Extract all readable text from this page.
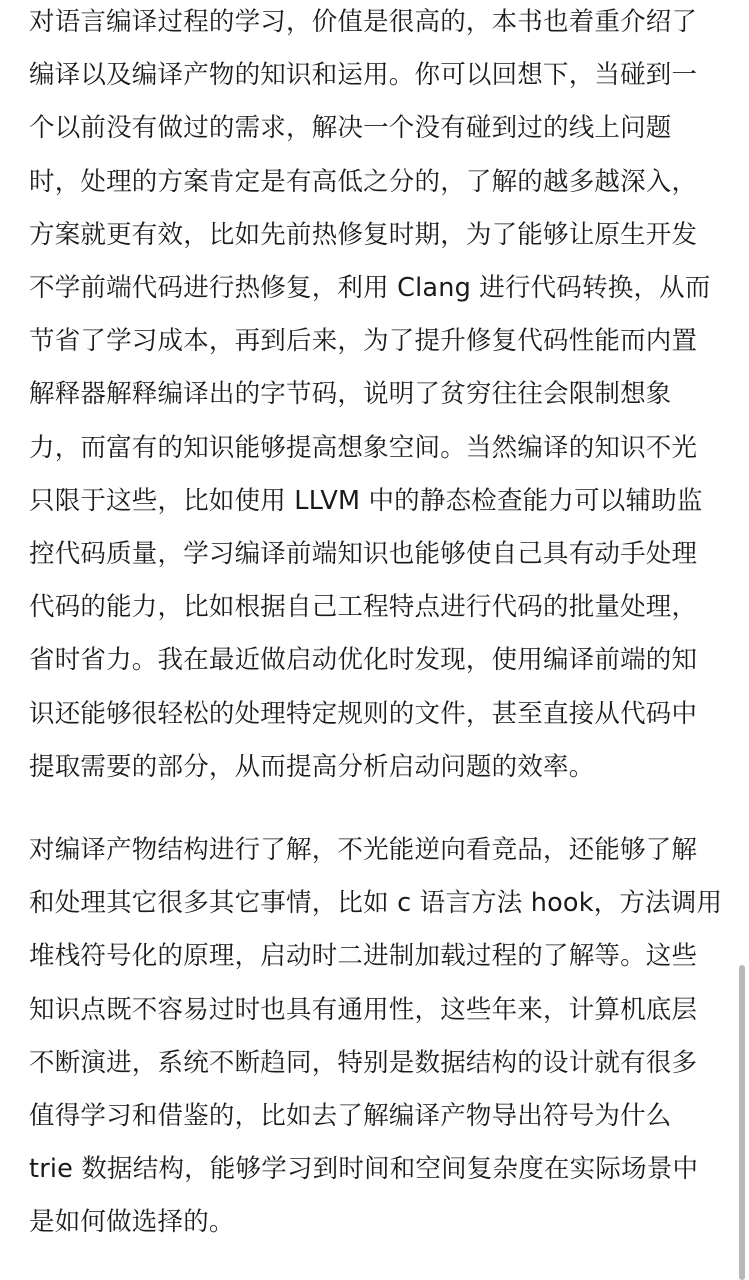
对语言编译过程的学习，价值是很高的，本书也着重介绍了
编译以及编译产物的知识和运用。你可以回想下，当碰到一
个以前没有做过的需求，解决一个没有碰到过的线上问题
时，处理的方案肯定是有高低之分的，了解的越多越深入，
方案就更有效，比如先前热修复时期，为了能够让原生开发
不学前端代码进行热修复，利用 Clang 进行代码转换，从而
节省了学习成本，再到后来，为了提升修复代码性能而内置
解释器解释编译出的字节码，说明了贫穷往往会限制想象
力，而富有的知识能够提高想象空间。当然编译的知识不光
只限于这些，比如使用 LLVM 中的静态检查能力可以辅助监
控代码质量，学习编译前端知识也能够使自己具有动手处理
代码的能力，比如根据自己工程特点进行代码的批量处理，
省时省力。我在最近做启动优化时发现，使用编译前端的知
识还能够很轻松的处理特定规则的文件，甚至直接从代码中
提取需要的部分，从而提高分析启动问题的效率。
对编译产物结构进行了解，不光能逆向看竞品，还能够了解
和处理其它很多其它事情，比如 c 语言方法 hook，方法调用
堆栈符号化的原理，启动时二进制加载过程的了解等。这些
知识点既不容易过时也具有通用性，这些年来，计算机底层
不断演进，系统不断趋同，特别是数据结构的设计就有很多
值得学习和借鉴的，比如去了解编译产物导出符号为什么
trie 数据结构，能够学习到时间和空间复杂度在实际场景中
是如何做选择的。
